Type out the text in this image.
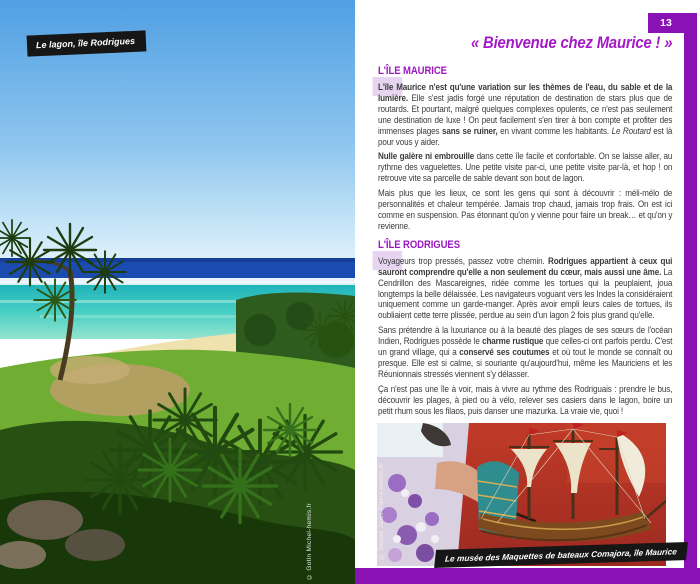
Le lagon, île Rodrigues
© Gotin Michel-hemis.fr
13
« Bienvenue chez Maurice ! »
L'ÎLE MAURICE

L'île Maurice n'est qu'une variation sur les thèmes de l'eau, du sable et de la lumière. Elle s'est jadis forgé une réputation de destination de stars plus que de routards. Et pourtant, malgré quelques complexes opulents, ce n'est pas seulement une destination de luxe ! On peut facilement s'en tirer à bon compte et profiter des immenses plages sans se ruiner, en vivant comme les habitants. Le Routard est là pour vous y aider.

Nulle galère ni embrouille dans cette île facile et confortable. On se laisse aller, au rythme des vaguelettes. Une petite visite par-ci, une petite visite par-là, et hop ! on retrouve vite sa parcelle de sable devant son bout de lagon.

Mais plus que les lieux, ce sont les gens qui sont à découvrir : méli-mélo de personnalités et chaleur tempérée. Jamais trop chaud, jamais trop frais. On est ici comme en suspension. Pas étonnant qu'on y vienne pour faire un break… et qu'on y revienne.

L'ÎLE RODRIGUES

Voyageurs trop pressés, passez votre chemin. Rodrigues appartient à ceux qui sauront comprendre qu'elle a non seulement du cœur, mais aussi une âme. La Cendrillon des Mascareignes, ridée comme les tortues qui la peuplaient, joua longtemps la belle délaissée. Les navigateurs voguant vers les Indes la considéraient uniquement comme un garde-manger. Après avoir empli leurs cales de tortues, ils oubliaient cette terre plissée, perdue au sein d'un lagon 2 fois plus grand qu'elle.

Sans prétendre à la luxuriance ou à la beauté des plages de ses sœurs de l'océan Indien, Rodrigues possède le charme rustique que celles-ci ont parfois perdu. C'est un grand village, qui a conservé ses coutumes et où tout le monde se connaît ou presque. Elle est si calme, si souriante qu'aujourd'hui, même les Mauriciens et les Réunionnais stressés viennent s'y délasser.

Ça n'est pas une île à voir, mais à vivre au rythme des Rodriguais : prendre le bus, découvrir les plages, à pied ou à vélo, relever ses casiers dans le lagon, boire un petit rhum sous les filaos, puis danser une mazurka. La vraie vie, quoi !

© Degas Jean-Pierre-hemis.fr	Le musée des Maquettes de bateaux Comajora, île Maurice
